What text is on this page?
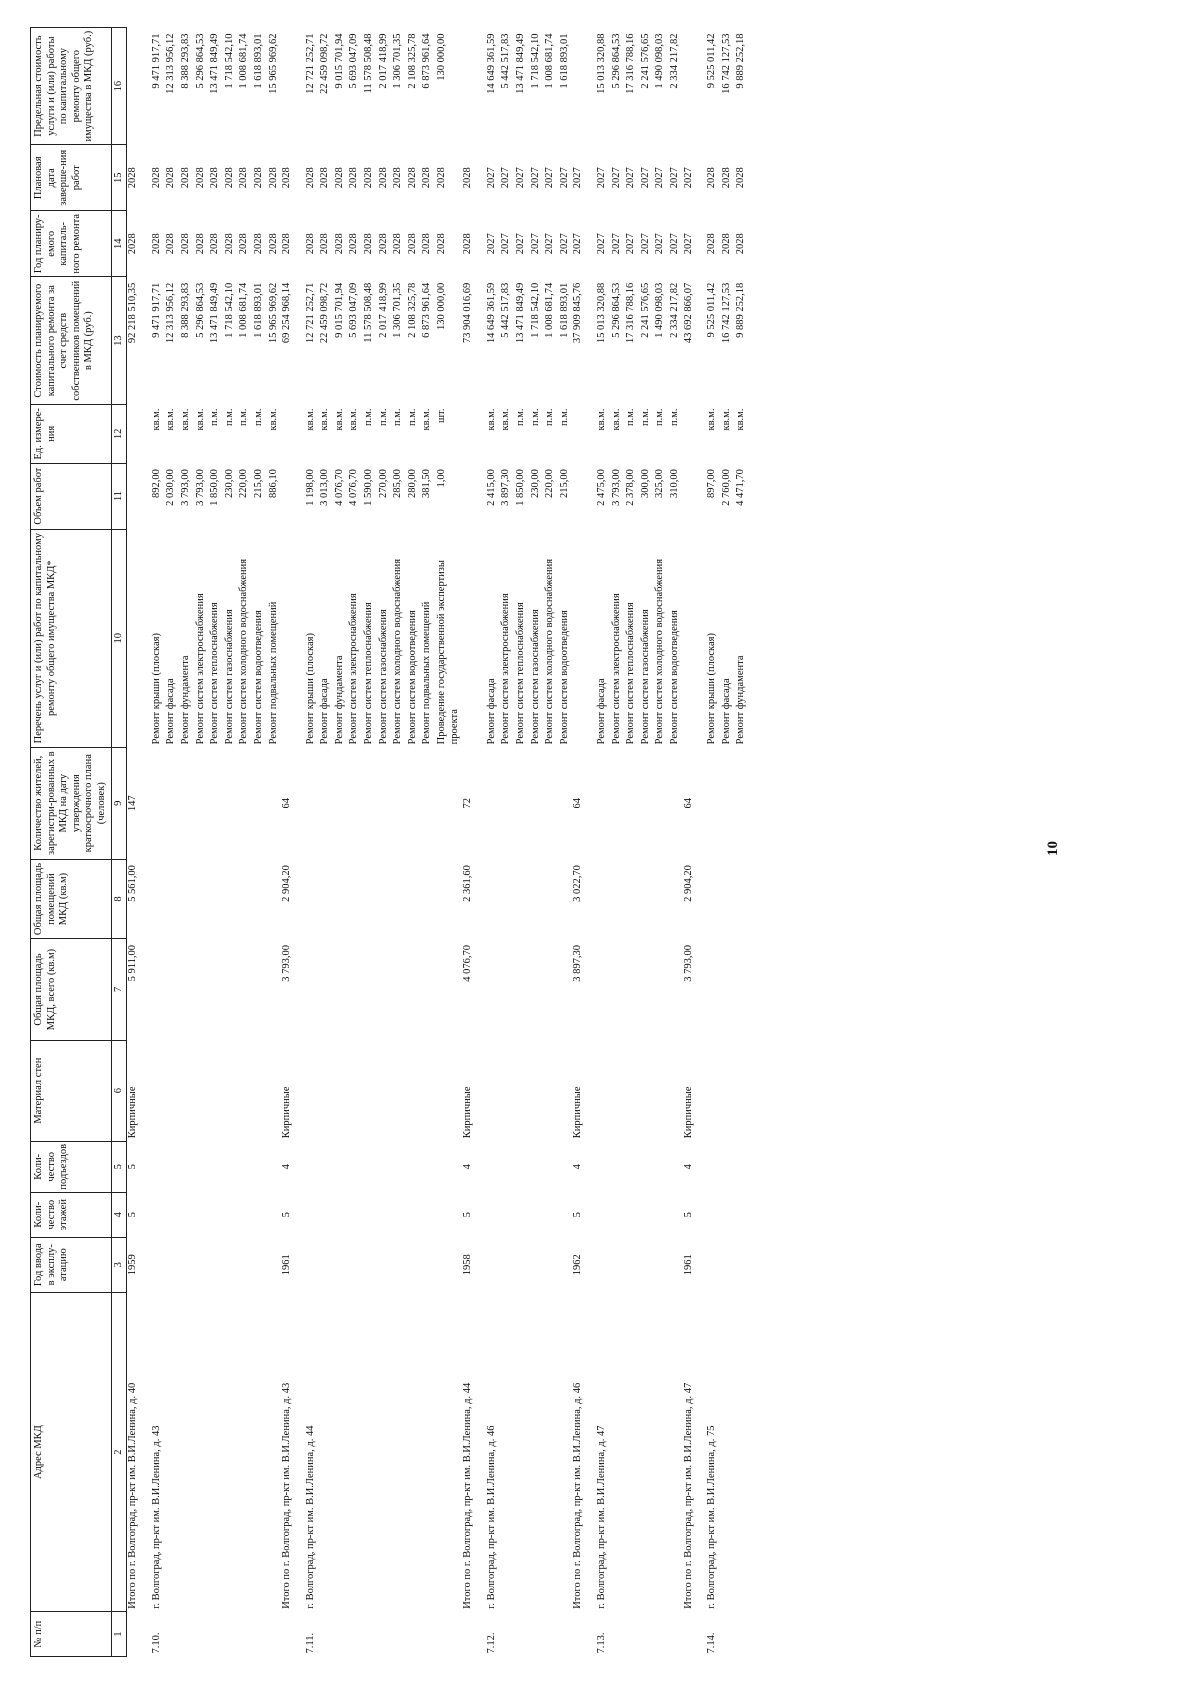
10
№ п/п	Адрес МКД	Год ввода в эксплу-атацию	Коли-чество этажей	Коли-чество подъездов	Материал стен	Общая площадь МКД, всего (кв.м)	Общая площадь помещений МКД (кв.м)	Количество жителей, зарегистри-рованных в МКД на дату утверждения краткосрочного плана (человек)	Перечень услуг и (или) работ по капитальному ремонту общего имущества МКД*	Объем работ	Ед. измере-ния	Стоимость планируемого капитального ремонта за счет средств собственников помещений в МКД (руб.)	Год планиру-емого капиталь-ного ремонта	Плановая дата заверше-ния работ	Предельная стоимость услуги и (или) работы по капитальному ремонту общего имущества в МКД (руб.)
1	2	3	4	5	6	7	8	9	10	11	12	13	14	15	16
	Итого по г. Волгоград, пр-кт им. В.И.Ленина, д. 40	1959	5	5	Кирпичные	5 911,00	5 561,00	147				92 218 510,35	2028	2028	

7.10.	г. Волгоград, пр-кт им. В.И.Ленина, д. 43								Ремонт крыши (плоская)	892,00	кв.м.	9 471 917,71	2028	2028	9 471 917,71
									Ремонт фасада	2 030,00	кв.м.	12 313 956,12	2028	2028	12 313 956,12
									Ремонт фундамента	3 793,00	кв.м.	8 388 293,83	2028	2028	8 388 293,83
									Ремонт систем электроснабжения	3 793,00	кв.м.	5 296 864,53	2028	2028	5 296 864,53
									Ремонт систем теплоснабжения	1 850,00	п.м.	13 471 849,49	2028	2028	13 471 849,49
									Ремонт систем газоснабжения	230,00	п.м.	1 718 542,10	2028	2028	1 718 542,10
									Ремонт систем холодного водоснабжения	220,00	п.м.	1 008 681,74	2028	2028	1 008 681,74
									Ремонт систем водоотведения	215,00	п.м.	1 618 893,01	2028	2028	1 618 893,01
									Ремонт подвальных помещений	886,10	кв.м.	15 965 969,62	2028	2028	15 965 969,62
	Итого по г. Волгоград, пр-кт им. В.И.Ленина, д. 43	1961	5	4	Кирпичные	3 793,00	2 904,20	64				69 254 968,14	2028	2028	

7.11.	г. Волгоград, пр-кт им. В.И.Ленина, д. 44								Ремонт крыши (плоская)	1 198,00	кв.м.	12 721 252,71	2028	2028	12 721 252,71
									Ремонт фасада	3 013,00	кв.м.	22 459 098,72	2028	2028	22 459 098,72
									Ремонт фундамента	4 076,70	кв.м.	9 015 701,94	2028	2028	9 015 701,94
									Ремонт систем электроснабжения	4 076,70	кв.м.	5 693 047,09	2028	2028	5 693 047,09
									Ремонт систем теплоснабжения	1 590,00	п.м.	11 578 508,48	2028	2028	11 578 508,48
									Ремонт систем газоснабжения	270,00	п.м.	2 017 418,99	2028	2028	2 017 418,99
									Ремонт систем холодного водоснабжения	285,00	п.м.	1 306 701,35	2028	2028	1 306 701,35
									Ремонт систем водоотведения	280,00	п.м.	2 108 325,78	2028	2028	2 108 325,78
									Ремонт подвальных помещений	381,50	кв.м.	6 873 961,64	2028	2028	6 873 961,64
									Проведение государственной экспертизы проекта	1,00	шт.	130 000,00	2028	2028	130 000,00
	Итого по г. Волгоград, пр-кт им. В.И.Ленина, д. 44	1958	5	4	Кирпичные	4 076,70	2 361,60	72				73 904 016,69	2028	2028	

7.12.	г. Волгоград, пр-кт им. В.И.Ленина, д. 46								Ремонт фасада	2 415,00	кв.м.	14 649 361,59	2027	2027	14 649 361,59
									Ремонт систем электроснабжения	3 897,30	кв.м.	5 442 517,83	2027	2027	5 442 517,83
									Ремонт систем теплоснабжения	1 850,00	п.м.	13 471 849,49	2027	2027	13 471 849,49
									Ремонт систем газоснабжения	230,00	п.м.	1 718 542,10	2027	2027	1 718 542,10
									Ремонт систем холодного водоснабжения	220,00	п.м.	1 008 681,74	2027	2027	1 008 681,74
									Ремонт систем водоотведения	215,00	п.м.	1 618 893,01	2027	2027	1 618 893,01
	Итого по г. Волгоград, пр-кт им. В.И.Ленина, д. 46	1962	5	4	Кирпичные	3 897,30	3 022,70	64				37 909 845,76	2027	2027	

7.13.	г. Волгоград, пр-кт им. В.И.Ленина, д. 47								Ремонт фасада	2 475,00	кв.м.	15 013 320,88	2027	2027	15 013 320,88
									Ремонт систем электроснабжения	3 793,00	кв.м.	5 296 864,53	2027	2027	5 296 864,53
									Ремонт систем теплоснабжения	2 378,00	п.м.	17 316 788,16	2027	2027	17 316 788,16
									Ремонт систем газоснабжения	300,00	п.м.	2 241 576,65	2027	2027	2 241 576,65
									Ремонт систем холодного водоснабжения	325,00	п.м.	1 490 098,03	2027	2027	1 490 098,03
									Ремонт систем водоотведения	310,00	п.м.	2 334 217,82	2027	2027	2 334 217,82
	Итого по г. Волгоград, пр-кт им. В.И.Ленина, д. 47	1961	5	4	Кирпичные	3 793,00	2 904,20	64				43 692 866,07	2027	2027	

7.14.	г. Волгоград, пр-кт им. В.И.Ленина, д. 75								Ремонт крыши (плоская)	897,00	кв.м.	9 525 011,42	2028	2028	9 525 011,42
									Ремонт фасада	2 760,00	кв.м.	16 742 127,53	2028	2028	16 742 127,53
									Ремонт фундамента	4 471,70	кв.м.	9 889 252,18	2028	2028	9 889 252,18
